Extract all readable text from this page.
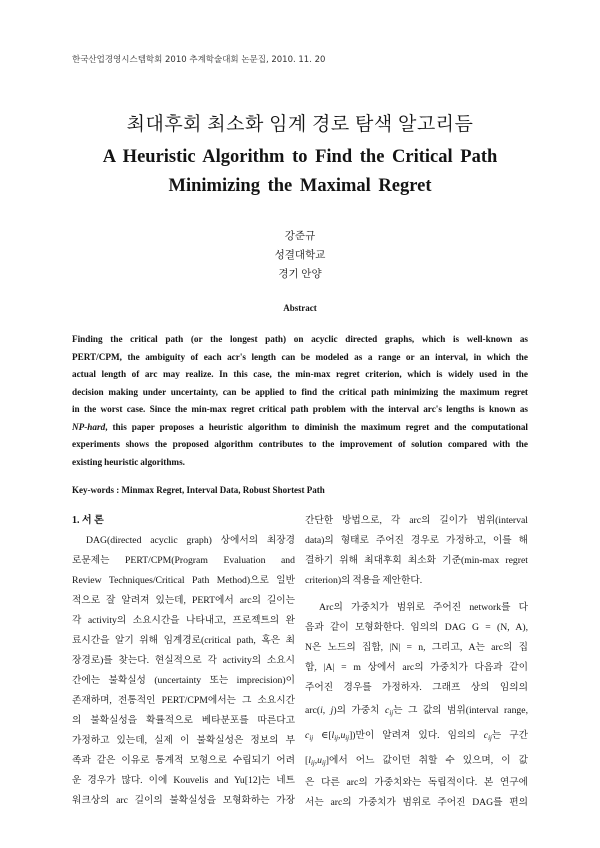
한국산업경영시스템학회 2010 추계학술대회 논문집, 2010. 11. 20
최대후회 최소화 임계 경로 탐색 알고리듬
A Heuristic Algorithm to Find the Critical Path
Minimizing the Maximal Regret
강준규
성결대학교
경기 안양
Abstract
Finding the critical path (or the longest path) on acyclic directed graphs, which is well-known as
PERT/CPM, the ambiguity of each acr's length can be modeled as a range or an interval, in which the
actual length of arc may realize. In this case, the min-max regret criterion, which is widely used in the
decision making under uncertainty, can be applied to find the critical path minimizing the maximum regret
in the worst case. Since the min-max regret critical path problem with the interval arc's lengths is known as
NP-hard, this paper proposes a heuristic algorithm to diminish the maximum regret and the computational
experiments shows the proposed algorithm contributes to the improvement of solution compared with the
existing heuristic algorithms.
Key-words : Minmax Regret, Interval Data, Robust Shortest Path
1. 서 론
DAG(directed acyclic graph) 상에서의 최장경
로문제는 PERT/CPM(Program Evaluation and
Review Techniques/Critical Path Method)으로 일반
적으로 잘 알려져 있는데, PERT에서 arc의 길이는
각 activity의 소요시간을 나타내고, 프로젝트의 완
료시간을 알기 위해 임계경로(critical path, 혹은 최
장경로)를 찾는다. 현실적으로 각 activity의 소요시
간에는 불확실성 (uncertainty 또는 imprecision)이
존재하며, 전통적인 PERT/CPM에서는 그 소요시간
의 불확실성을 확률적으로 베타분포를 따른다고
가정하고 있는데, 실제 이 불확실성은 정보의 부
족과 같은 이유로 통계적 모형으로 수립되기 어려
운 경우가 많다. 이에 Kouvelis and Yu[12]는 네트
워크상의 arc 길이의 불확실성을 모형화하는 가장
간단한 방법으로, 각 arc의 길이가 범위(interval
data)의 형태로 주어진 경우로 가정하고, 이를 해
결하기 위해 최대후회 최소화 기준(min-max regret
criterion)의 적용을 제안한다.
Arc의 가중치가 범위로 주어진 network를 다
음과 같이 모형화한다. 임의의 DAG G = (N, A),
N은 노드의 집합, |N| = n, 그리고, A는 arc의 집
합, |A| = m 상에서 arc의 가중치가 다음과 같이
주어진 경우를 가정하자. 그래프 상의 임의의
arc(i, j)의 가중치 $c_{ij}$는 그 값의 범위(interval range,
$c_{ij}$ $\in[l_{ij},u_{ij}]$)만이 알려져 있다. 임의의 $c_{ij}$는 구간
$[l_{ij},u_{ij}]$에서 어느 값이던 취할 수 있으며, 이 값
은 다른 arc의 가중치와는 독립적이다. 본 연구에
서는 arc의 가중치가 범위로 주어진 DAG를 편의
